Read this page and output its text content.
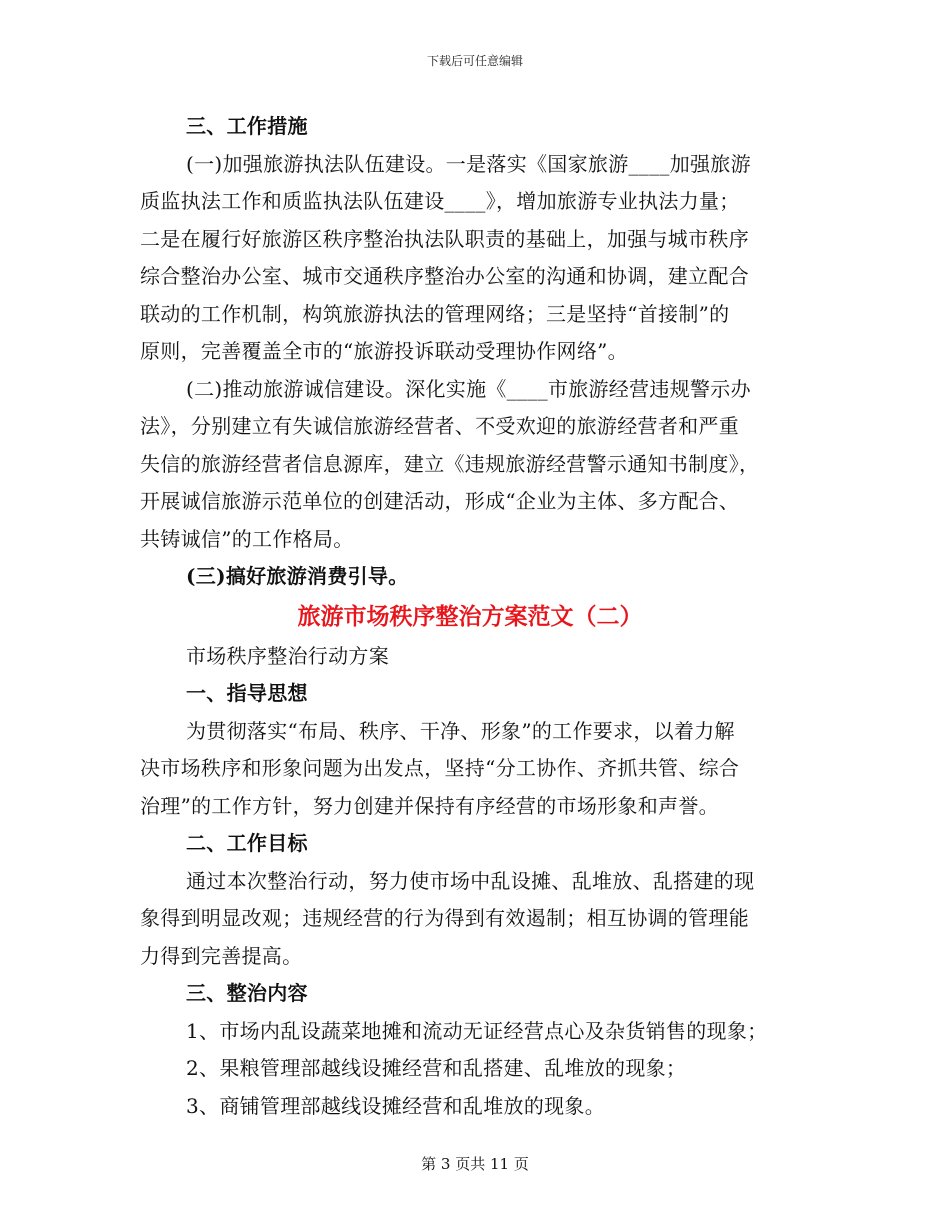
下载后可任意编辑
三、工作措施
(一)加强旅游执法队伍建设。一是落实《国家旅游____加强旅游
质监执法工作和质监执法队伍建设____》，增加旅游专业执法力量；
二是在履行好旅游区秩序整治执法队职责的基础上，加强与城市秩序
综合整治办公室、城市交通秩序整治办公室的沟通和协调，建立配合
联动的工作机制，构筑旅游执法的管理网络；三是坚持“首接制”的
原则，完善覆盖全市的“旅游投诉联动受理协作网络”。
(二)推动旅游诚信建设。深化实施《____市旅游经营违规警示办
法》，分别建立有失诚信旅游经营者、不受欢迎的旅游经营者和严重
失信的旅游经营者信息源库，建立《违规旅游经营警示通知书制度》，
开展诚信旅游示范单位的创建活动，形成“企业为主体、多方配合、
共铸诚信”的工作格局。
(三)搞好旅游消费引导。
旅游市场秩序整治方案范文（二）
市场秩序整治行动方案
一、指导思想
为贯彻落实“布局、秩序、干净、形象”的工作要求，以着力解
决市场秩序和形象问题为出发点，坚持“分工协作、齐抓共管、综合
治理”的工作方针，努力创建并保持有序经营的市场形象和声誉。
二、工作目标
通过本次整治行动，努力使市场中乱设摊、乱堆放、乱搭建的现
象得到明显改观；违规经营的行为得到有效遏制；相互协调的管理能
力得到完善提高。
三、整治内容
1、市场内乱设蔬菜地摊和流动无证经营点心及杂货销售的现象；
2、果粮管理部越线设摊经营和乱搭建、乱堆放的现象；
3、商铺管理部越线设摊经营和乱堆放的现象。
第 3 页共 11 页
